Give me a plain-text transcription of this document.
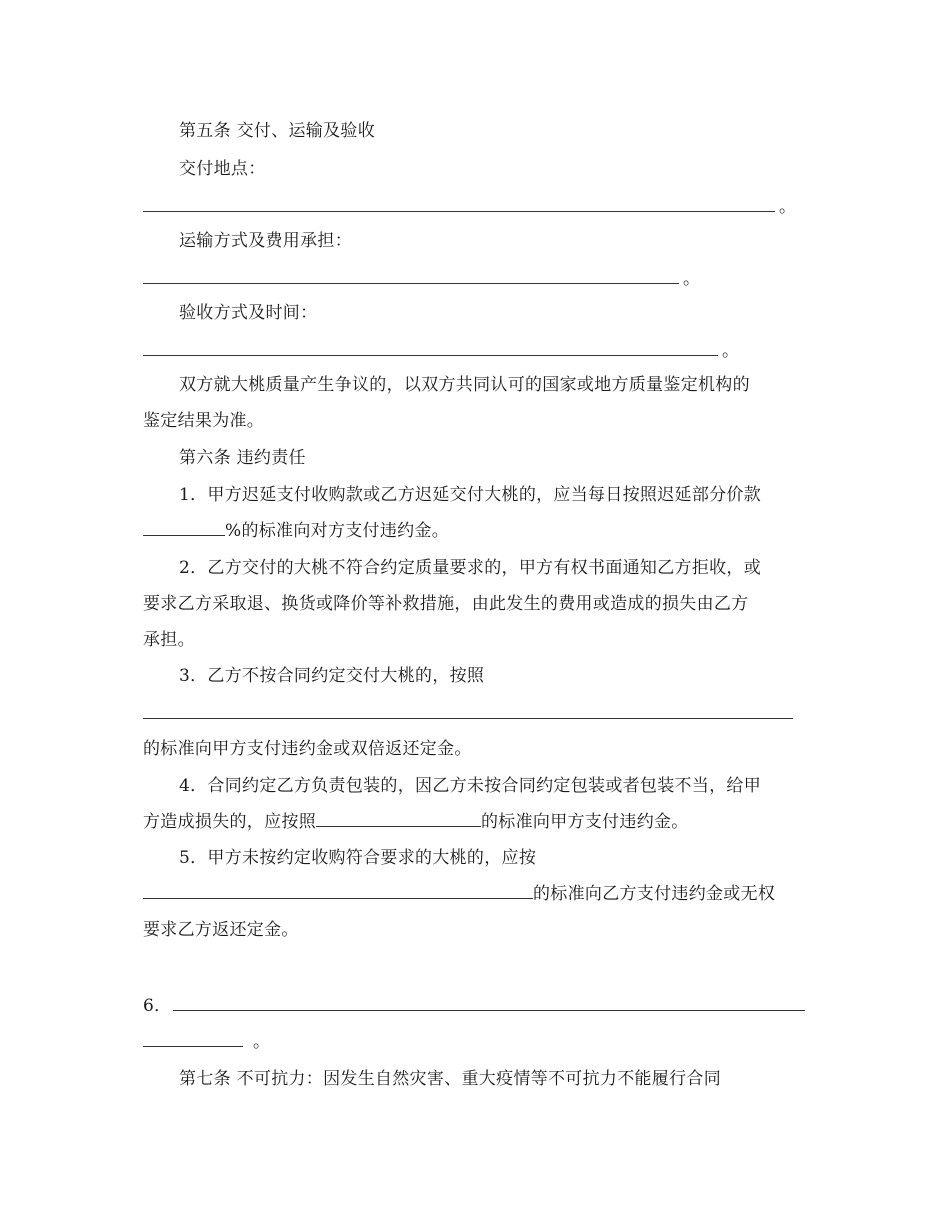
第五条 交付、运输及验收
交付地点：
。
运输方式及费用承担：
。
验收方式及时间：
。
双方就大桃质量产生争议的，以双方共同认可的国家或地方质量鉴定机构的
鉴定结果为准。
第六条 违约责任
1．甲方迟延支付收购款或乙方迟延交付大桃的，应当每日按照迟延部分价款
%的标准向对方支付违约金。
2．乙方交付的大桃不符合约定质量要求的，甲方有权书面通知乙方拒收，或
要求乙方采取退、换货或降价等补救措施，由此发生的费用或造成的损失由乙方
承担。
3．乙方不按合同约定交付大桃的，按照
的标准向甲方支付违约金或双倍返还定金。
4．合同约定乙方负责包装的，因乙方未按合同约定包装或者包装不当，给甲
方造成损失的，应按照	的标准向甲方支付违约金。
5．甲方未按约定收购符合要求的大桃的，应按
的标准向乙方支付违约金或无权
要求乙方返还定金。
6．
。
第七条 不可抗力：因发生自然灾害、重大疫情等不可抗力不能履行合同
